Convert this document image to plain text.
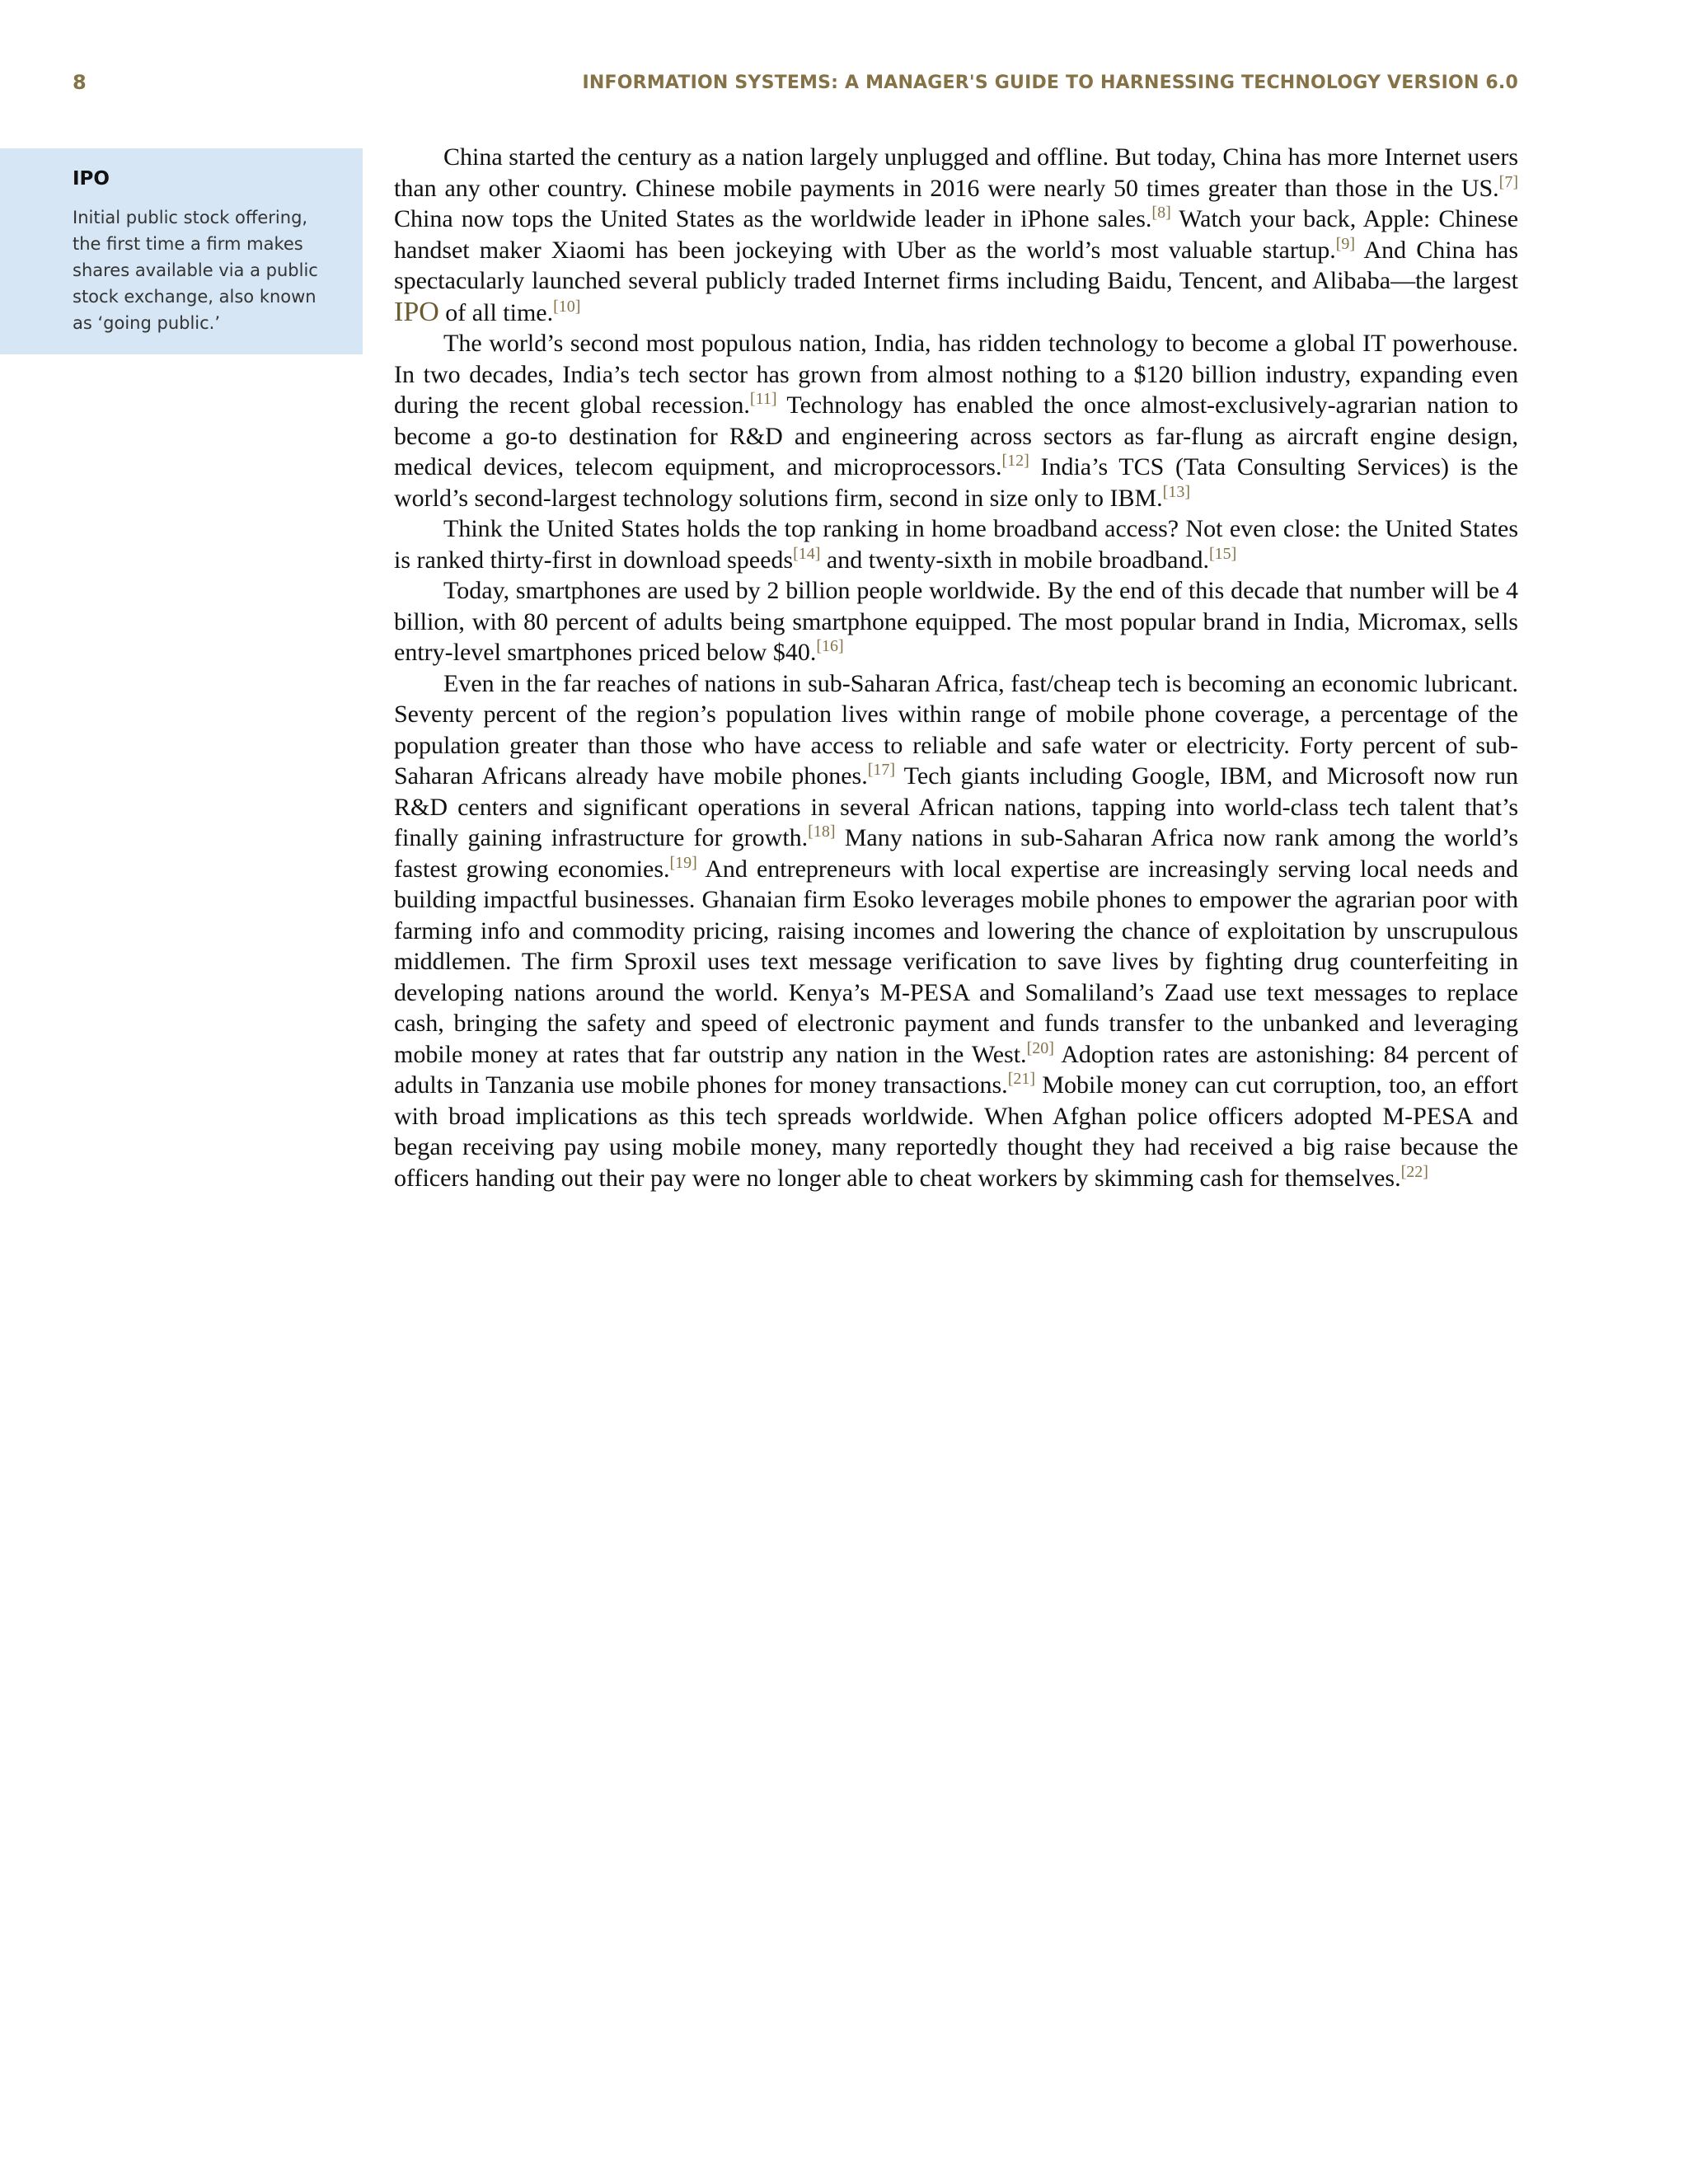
8	INFORMATION SYSTEMS: A MANAGER'S GUIDE TO HARNESSING TECHNOLOGY VERSION 6.0

IPO

Initial public stock offering, the first time a firm makes shares available via a public stock exchange, also known as ‘going public.’

China started the century as a nation largely unplugged and offline. But today, China has more Internet users than any other country. Chinese mobile payments in 2016 were nearly 50 times greater than those in the US.[7] China now tops the United States as the worldwide leader in iPhone sales.[8] Watch your back, Apple: Chinese handset maker Xiaomi has been jockeying with Uber as the world’s most valuable startup.[9] And China has spectacularly launched several publicly traded Internet firms including Baidu, Tencent, and Alibaba—the largest IPO of all time.[10]

The world’s second most populous nation, India, has ridden technology to become a global IT powerhouse. In two decades, India’s tech sector has grown from almost nothing to a $120 billion industry, expanding even during the recent global recession.[11] Technology has enabled the once almost-exclusively-agrarian nation to become a go-to destination for R&D and engineering across sectors as far-flung as aircraft engine design, medical devices, telecom equipment, and microprocessors.[12] India’s TCS (Tata Consulting Services) is the world’s second-largest technology solutions firm, second in size only to IBM.[13]

Think the United States holds the top ranking in home broadband access? Not even close: the United States is ranked thirty-first in download speeds[14] and twenty-sixth in mobile broadband.[15]

Today, smartphones are used by 2 billion people worldwide. By the end of this decade that number will be 4 billion, with 80 percent of adults being smartphone equipped. The most popular brand in India, Micromax, sells entry-level smartphones priced below $40.[16]

Even in the far reaches of nations in sub-Saharan Africa, fast/cheap tech is becoming an economic lubricant. Seventy percent of the region’s population lives within range of mobile phone coverage, a percentage of the population greater than those who have access to reliable and safe water or electricity. Forty percent of sub-Saharan Africans already have mobile phones.[17] Tech giants including Google, IBM, and Microsoft now run R&D centers and significant operations in several African nations, tapping into world-class tech talent that’s finally gaining infrastructure for growth.[18] Many nations in sub-Saharan Africa now rank among the world’s fastest growing economies.[19] And entrepreneurs with local expertise are increasingly serving local needs and building impactful businesses. Ghanaian firm Esoko leverages mobile phones to empower the agrarian poor with farming info and commodity pricing, raising incomes and lowering the chance of exploitation by unscrupulous middlemen. The firm Sproxil uses text message verification to save lives by fighting drug counterfeiting in developing nations around the world. Kenya’s M-PESA and Somaliland’s Zaad use text messages to replace cash, bringing the safety and speed of electronic payment and funds transfer to the unbanked and leveraging mobile money at rates that far outstrip any nation in the West.[20] Adoption rates are astonishing: 84 percent of adults in Tanzania use mobile phones for money transactions.[21] Mobile money can cut corruption, too, an effort with broad implications as this tech spreads worldwide. When Afghan police officers adopted M-PESA and began receiving pay using mobile money, many reportedly thought they had received a big raise because the officers handing out their pay were no longer able to cheat workers by skimming cash for themselves.[22]
